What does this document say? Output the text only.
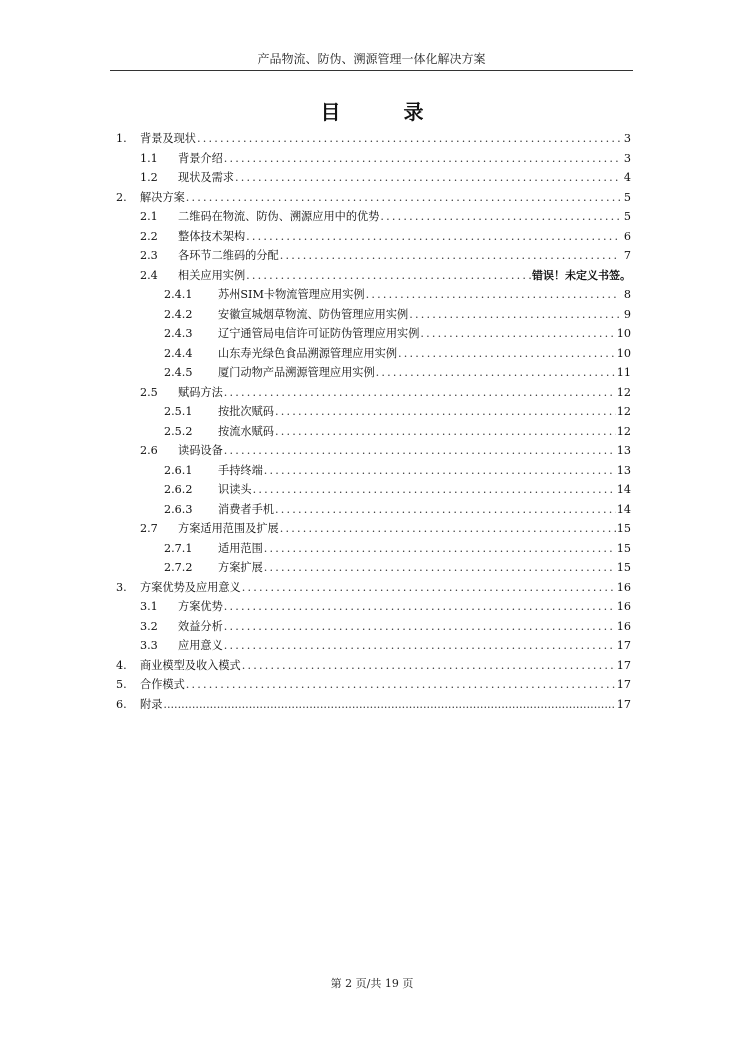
产品物流、防伪、溯源管理一体化解决方案
目 录
1. 背景及现状 .....	3
1.1 背景介绍 .....	3
1.2 现状及需求 .....	4
2. 解决方案 .....	5
2.1 二维码在物流、防伪、溯源应用中的优势 .....	5
2.2 整体技术架构 .....	6
2.3 各环节二维码的分配 .....	7
2.4 相关应用实例 .....	错误！未定义书签。
2.4.1 苏州SIM卡物流管理应用实例 .....	8
2.4.2 安徽宣城烟草物流、防伪管理应用实例 .....	9
2.4.3 辽宁通管局电信许可证防伪管理应用实例 .....	10
2.4.4 山东寿光绿色食品溯源管理应用实例 .....	10
2.4.5 厦门动物产品溯源管理应用实例 .....	11
2.5 赋码方法 .....	12
2.5.1 按批次赋码 .....	12
2.5.2 按流水赋码 .....	12
2.6 读码设备 .....	13
2.6.1 手持终端 .....	13
2.6.2 识读头 .....	14
2.6.3 消费者手机 .....	14
2.7 方案适用范围及扩展 .....	15
2.7.1 适用范围 .....	15
2.7.2 方案扩展 .....	15
3. 方案优势及应用意义 .....	16
3.1 方案优势 .....	16
3.2 效益分析 .....	16
3.3 应用意义 .....	17
4. 商业模型及收入模式 .....	17
5. 合作模式 .....	17
6. 附录 .....	17
第 2 页/共 19 页
